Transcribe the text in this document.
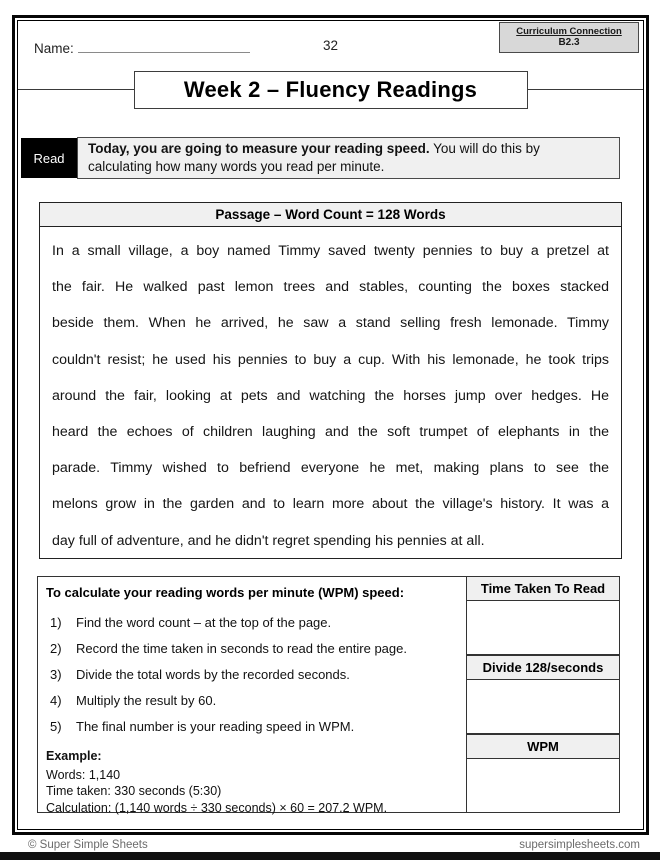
Name:	32
Curriculum Connection
B2.3
Week 2 – Fluency Readings
Read
Today, you are going to measure your reading speed. You will do this by
calculating how many words you read per minute.
Passage – Word Count = 128 Words
In a small village, a boy named Timmy saved twenty pennies to buy a pretzel at
the fair. He walked past lemon trees and stables, counting the boxes stacked
beside them. When he arrived, he saw a stand selling fresh lemonade. Timmy
couldn't resist; he used his pennies to buy a cup. With his lemonade, he took trips
around the fair, looking at pets and watching the horses jump over hedges. He
heard the echoes of children laughing and the soft trumpet of elephants in the
parade. Timmy wished to befriend everyone he met, making plans to see the
melons grow in the garden and to learn more about the village's history. It was a
day full of adventure, and he didn't regret spending his pennies at all.
To calculate your reading words per minute (WPM) speed:
1)	Find the word count – at the top of the page.
2)	Record the time taken in seconds to read the entire page.
3)	Divide the total words by the recorded seconds.
4)	Multiply the result by 60.
5)	The final number is your reading speed in WPM.
Example:
Words: 1,140
Time taken: 330 seconds (5:30)
Calculation: (1,140 words ÷ 330 seconds) × 60 = 207.2 WPM.
Time Taken To Read
Divide 128/seconds
WPM
© Super Simple Sheets	supersimplesheets.com
